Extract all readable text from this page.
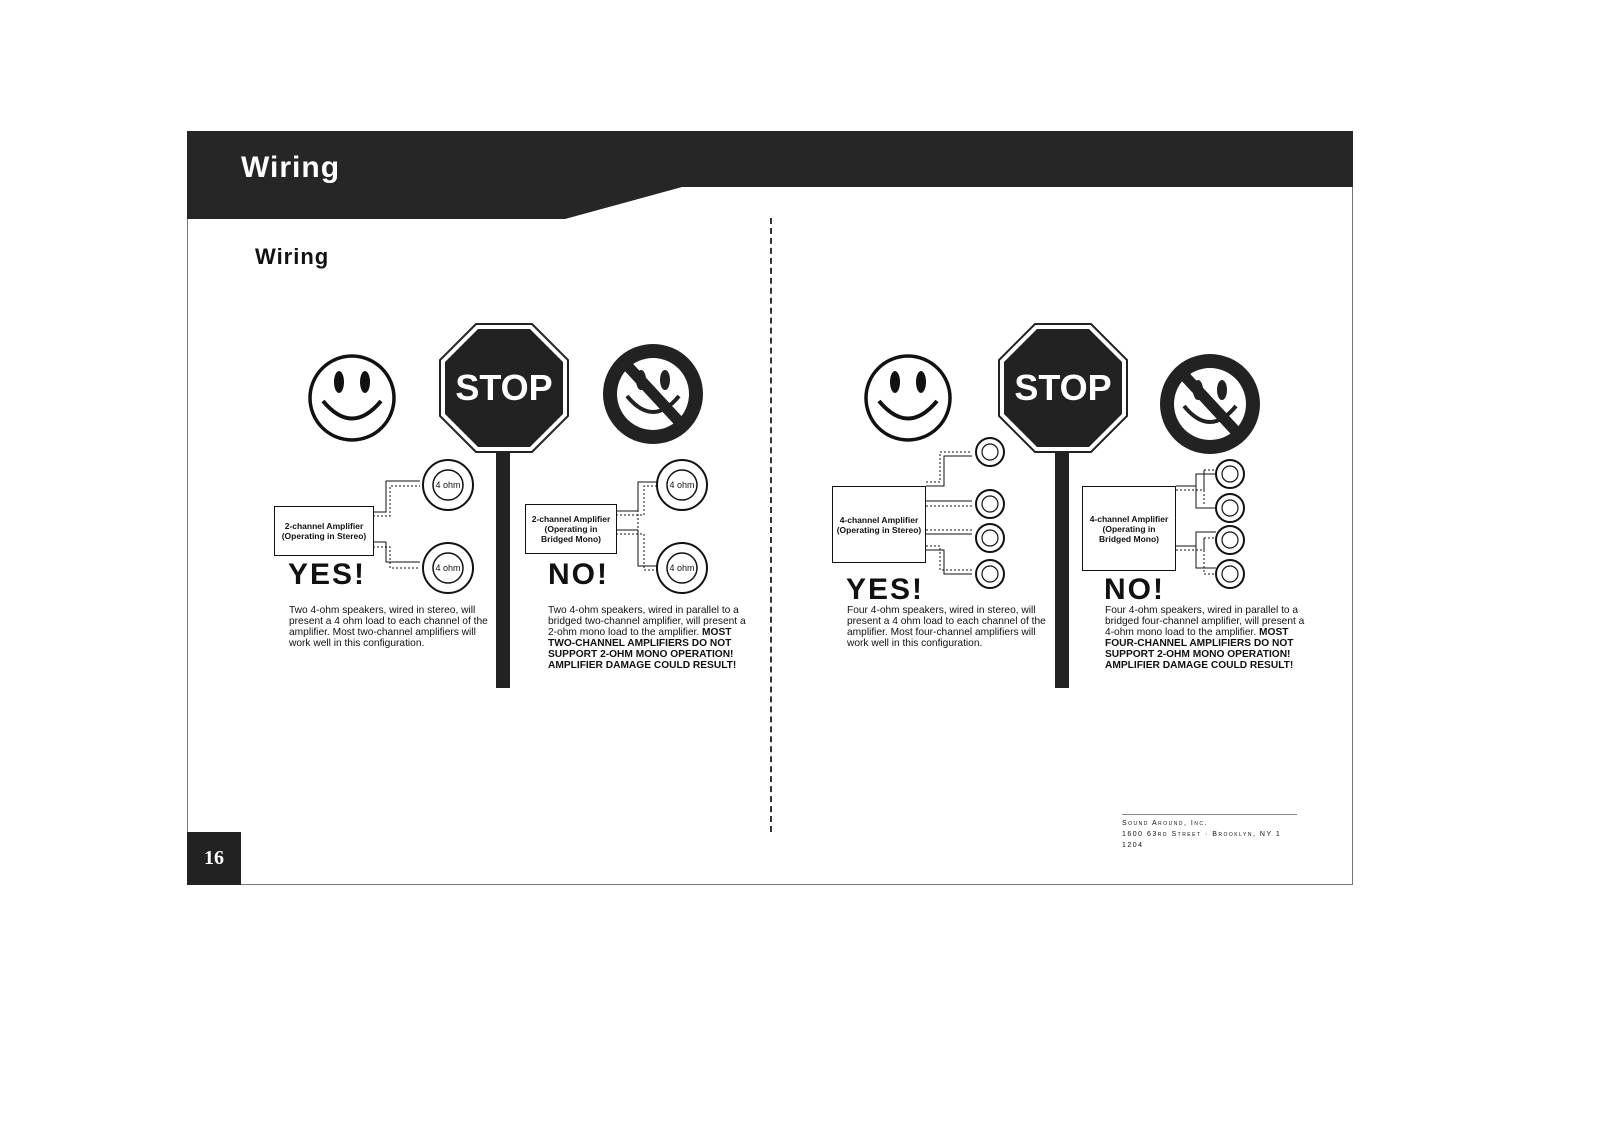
Wiring
Wiring
4 ohm
4 ohm
2-channel Amplifier
(Operating in Stereo)
YES!
Two 4-ohm speakers, wired in stereo, will present a 4 ohm load to each channel of the amplifier. Most two-channel amplifiers will work well in this configuration.
STOP
4 ohm
4 ohm
2-channel Amplifier
(Operating in
Bridged Mono)
NO!
Two 4-ohm speakers, wired in parallel to a bridged two-channel amplifier, will present a 2-ohm mono load to the amplifier. MOST TWO-CHANNEL AMPLIFIERS DO NOT SUPPORT 2-OHM MONO OPERATION! AMPLIFIER DAMAGE COULD RESULT!
4-channel Amplifier
(Operating in Stereo)
YES!
Four 4-ohm speakers, wired in stereo, will present a 4 ohm load to each channel of the amplifier. Most four-channel amplifiers will work well in this configuration.
STOP
4-channel Amplifier
(Operating in
Bridged Mono)
NO!
Four 4-ohm speakers, wired in parallel to a bridged four-channel amplifier, will present a 4-ohm mono load to the amplifier. MOST FOUR-CHANNEL AMPLIFIERS DO NOT SUPPORT 2-OHM MONO OPERATION! AMPLIFIER DAMAGE COULD RESULT!
Sound Around, Inc.
1600 63rd Street · Brooklyn, NY 1 1204
16
